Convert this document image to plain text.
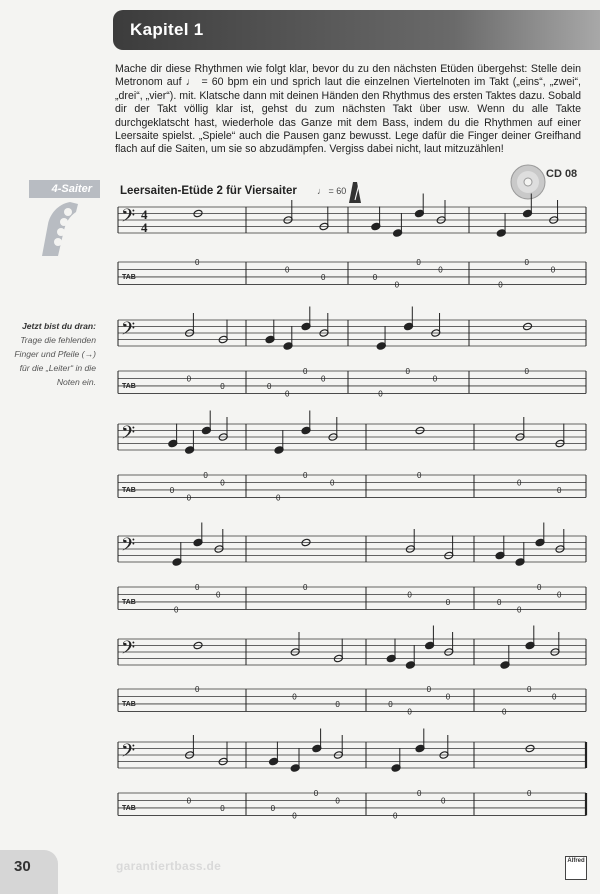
Kapitel 1
Mache dir diese Rhythmen wie folgt klar, bevor du zu den nächsten Etüden übergehst: Stelle dein Metronom auf ♩ = 60 bpm ein und sprich laut die einzelnen Viertelnoten im Takt („eins“, „zwei“, „drei“, „vier“). mit. Klatsche dann mit deinen Händen den Rhythmus des ersten Taktes dazu. Sobald dir der Takt völlig klar ist, gehst du zum nächsten Takt über usw. Wenn du alle Takte durchgeklatscht hast, wiederhole das Ganze mit dem Bass, indem du die Rhythmen auf einer Leersaite spielst. „Spiele“ auch die Pausen ganz bewusst. Lege dafür die Finger deiner Greifhand flach auf die Saiten, um sie so abzudämpfen. Vergiss dabei nicht, laut mitzuzählen!
4-Saiter
Jetzt bist du dran:
Trage die fehlenden Finger und Pfeile (→) für die „Leiter“ in die Noten ein.
Leersaiten-Etüde 2 für Viersaiter ♩ = 60
CD 08
𝄢
TAB
4
4
0
0
0	0
0
0
0
0
0
0
𝄢
TAB
0
0	0
0
0
0
0
0
0
0
𝄢
TAB	0
0
0
0
0
0
0
0
0
0
𝄢
TAB
0
0
0
0
0
0	0
0
0
0
𝄢
TAB
0
0
0	0
0
0
0
0
0
0
𝄢
TAB
0
0	0
0
0
0
0
0
0
0
30	garantiertbass.de	Alfred
